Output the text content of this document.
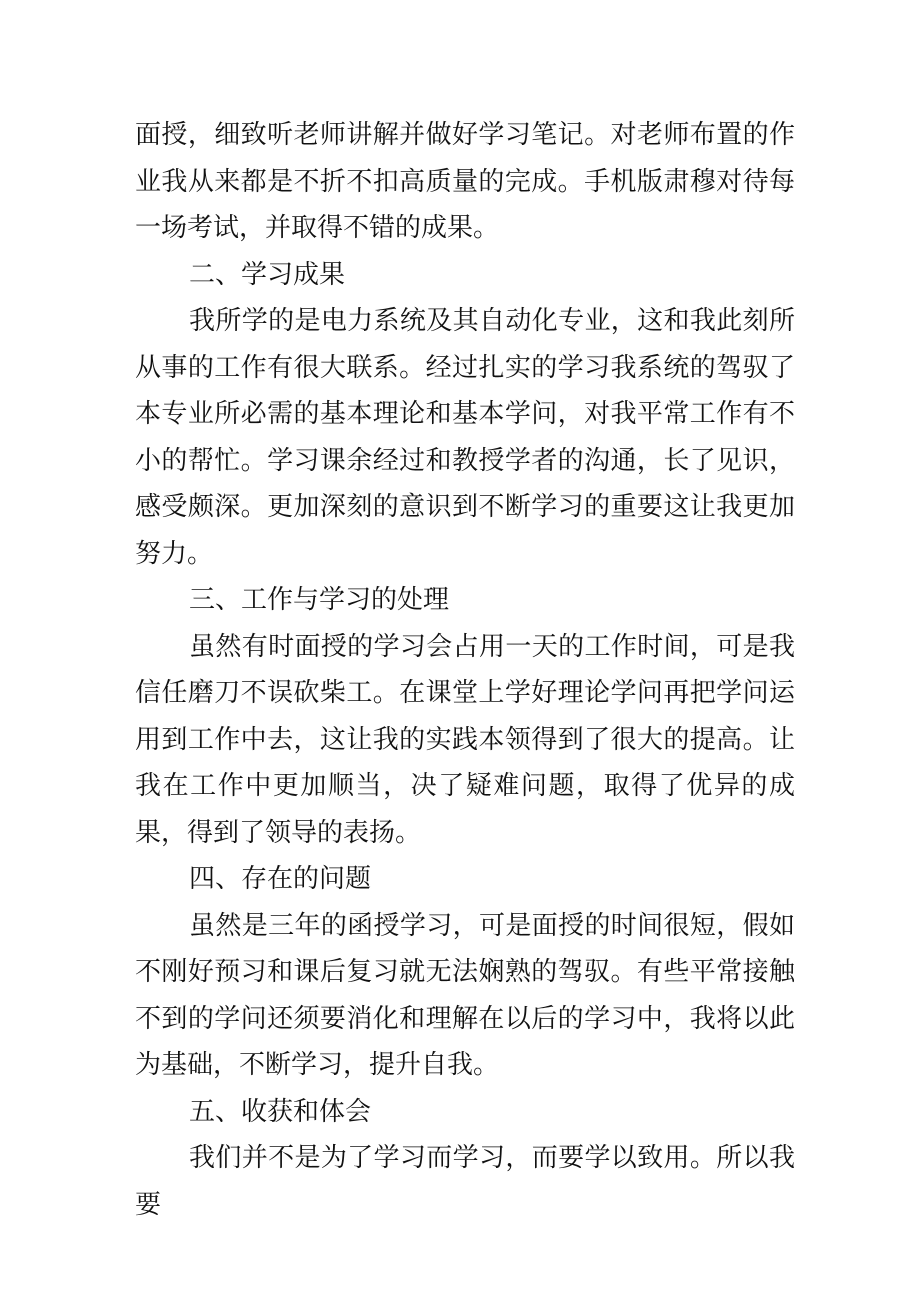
面授，细致听老师讲解并做好学习笔记。对老师布置的作业我从来都是不折不扣高质量的完成。手机版肃穆对待每一场考试，并取得不错的成果。

二、学习成果

我所学的是电力系统及其自动化专业，这和我此刻所从事的工作有很大联系。经过扎实的学习我系统的驾驭了本专业所必需的基本理论和基本学问，对我平常工作有不小的帮忙。学习课余经过和教授学者的沟通，长了见识，感受颇深。更加深刻的意识到不断学习的重要这让我更加努力。

三、工作与学习的处理

虽然有时面授的学习会占用一天的工作时间，可是我信任磨刀不误砍柴工。在课堂上学好理论学问再把学问运用到工作中去，这让我的实践本领得到了很大的提高。让我在工作中更加顺当，决了疑难问题，取得了优异的成果，得到了领导的表扬。

四、存在的问题

虽然是三年的函授学习，可是面授的时间很短，假如不刚好预习和课后复习就无法娴熟的驾驭。有些平常接触不到的学问还须要消化和理解在以后的学习中，我将以此为基础，不断学习，提升自我。

五、收获和体会

我们并不是为了学习而学习，而要学以致用。所以我要
